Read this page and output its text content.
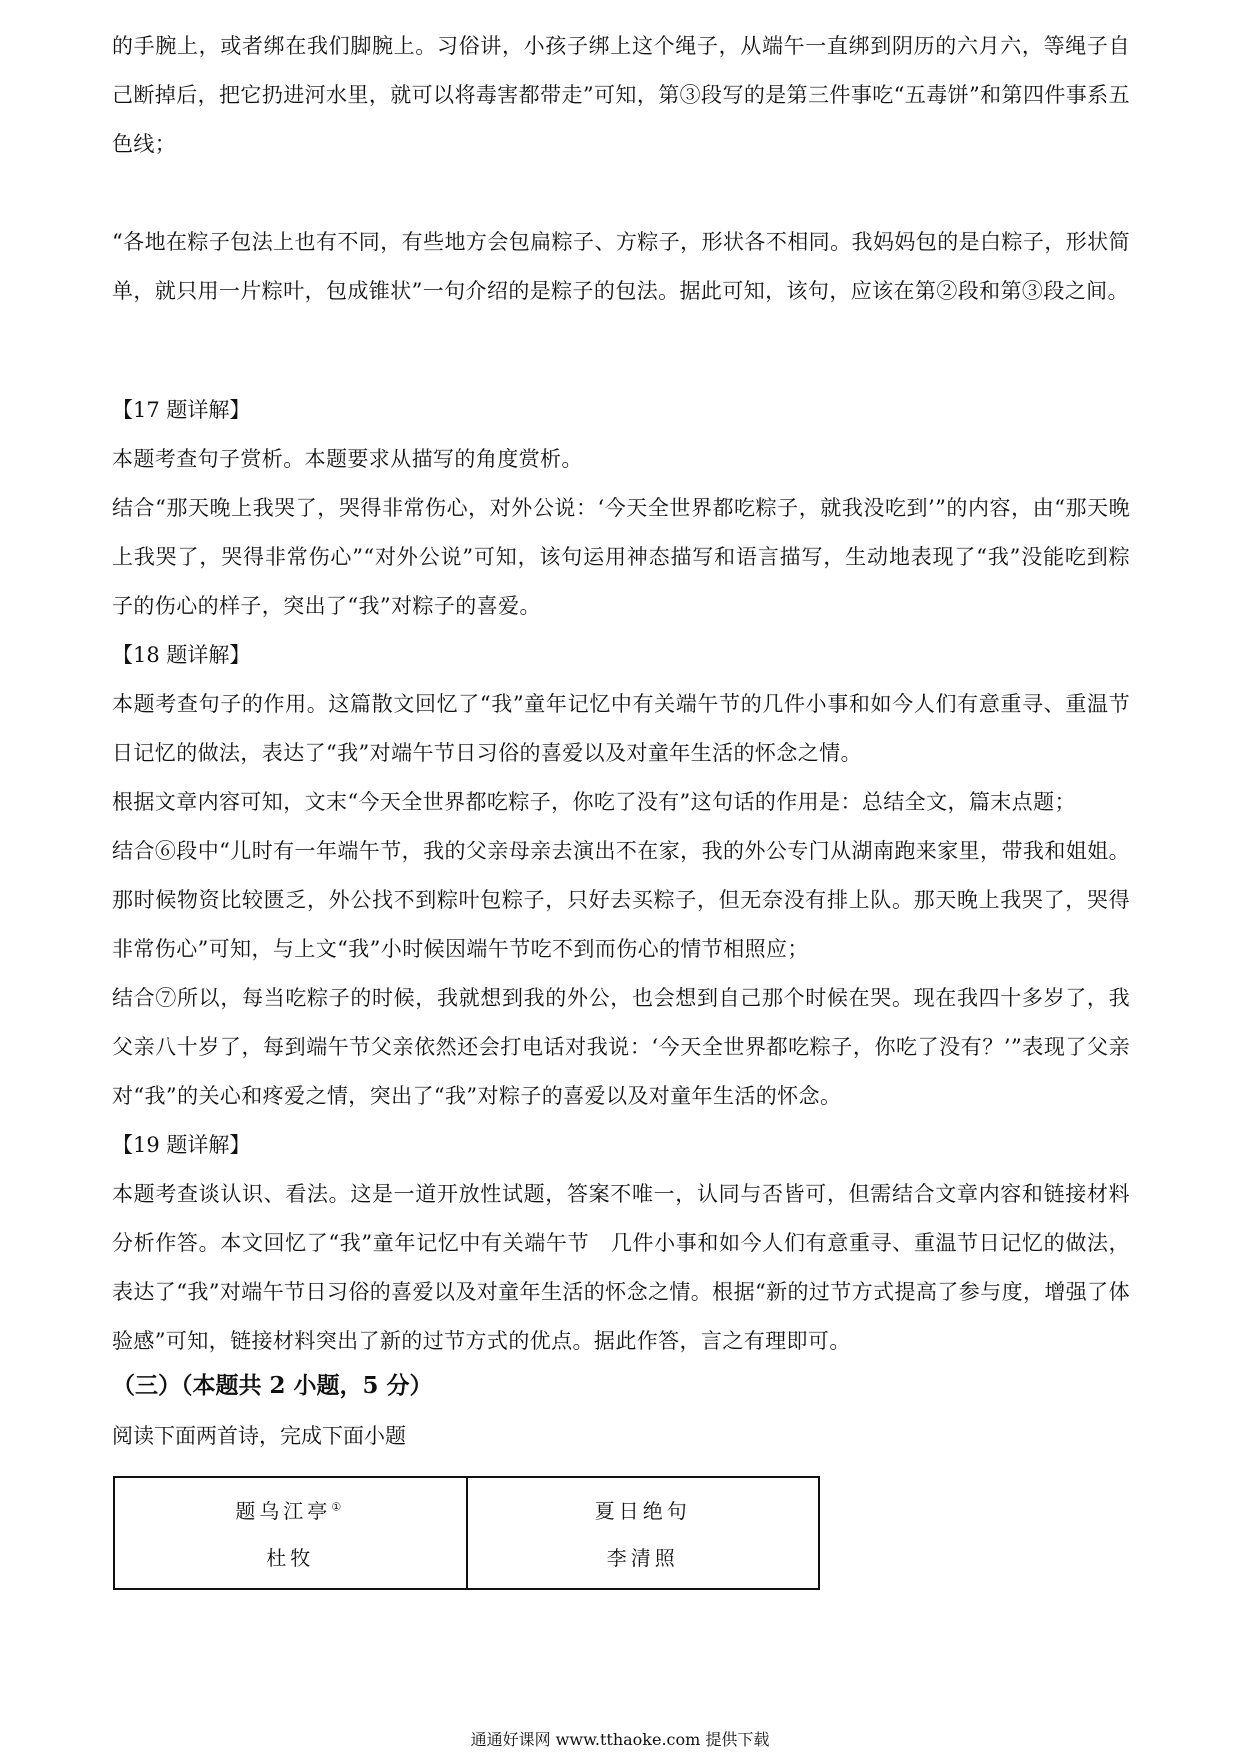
的手腕上，或者绑在我们脚腕上。习俗讲，小孩子绑上这个绳子，从端午一直绑到阴历的六月六，等绳子自己断掉后，把它扔进河水里，就可以将毒害都带走”可知，第③段写的是第三件事吃“五毒饼”和第四件事系五色线；

“各地在粽子包法上也有不同，有些地方会包扁粽子、方粽子，形状各不相同。我妈妈包的是白粽子，形状简单，就只用一片粽叶，包成锥状”一句介绍的是粽子的包法。据此可知，该句，应该在第②段和第③段之间。

【17 题详解】

本题考查句子赏析。本题要求从描写的角度赏析。

结合“那天晚上我哭了，哭得非常伤心，对外公说：‘今天全世界都吃粽子，就我没吃到’”的内容，由“那天晚上我哭了，哭得非常伤心”“对外公说”可知，该句运用神态描写和语言描写，生动地表现了“我”没能吃到粽子的伤心的样子，突出了“我”对粽子的喜爱。

【18 题详解】

本题考查句子的作用。这篇散文回忆了“我”童年记忆中有关端午节的几件小事和如今人们有意重寻、重温节日记忆的做法，表达了“我”对端午节日习俗的喜爱以及对童年生活的怀念之情。

根据文章内容可知，文末“今天全世界都吃粽子，你吃了没有”这句话的作用是：总结全文，篇末点题；

结合⑥段中“儿时有一年端午节，我的父亲母亲去演出不在家，我的外公专门从湖南跑来家里，带我和姐姐。那时候物资比较匮乏，外公找不到粽叶包粽子，只好去买粽子，但无奈没有排上队。那天晚上我哭了，哭得非常伤心”可知，与上文“我”小时候因端午节吃不到而伤心的情节相照应；

结合⑦所以，每当吃粽子的时候，我就想到我的外公，也会想到自己那个时候在哭。现在我四十多岁了，我父亲八十岁了，每到端午节父亲依然还会打电话对我说：‘今天全世界都吃粽子，你吃了没有？’”表现了父亲对“我”的关心和疼爱之情，突出了“我”对粽子的喜爱以及对童年生活的怀念。

【19 题详解】

本题考查谈认识、看法。这是一道开放性试题，答案不唯一，认同与否皆可，但需结合文章内容和链接材料分析作答。本文回忆了“我”童年记忆中有关端午节　几件小事和如今人们有意重寻、重温节日记忆的做法，表达了“我”对端午节日习俗的喜爱以及对童年生活的怀念之情。根据“新的过节方式提高了参与度，增强了体验感”可知，链接材料突出了新的过节方式的优点。据此作答，言之有理即可。

（三）（本题共 2 小题，5 分）

阅读下面两首诗，完成下面小题

题乌江亭①
杜牧
夏日绝句
李清照
通通好课网 www.tthaoke.com 提供下载
